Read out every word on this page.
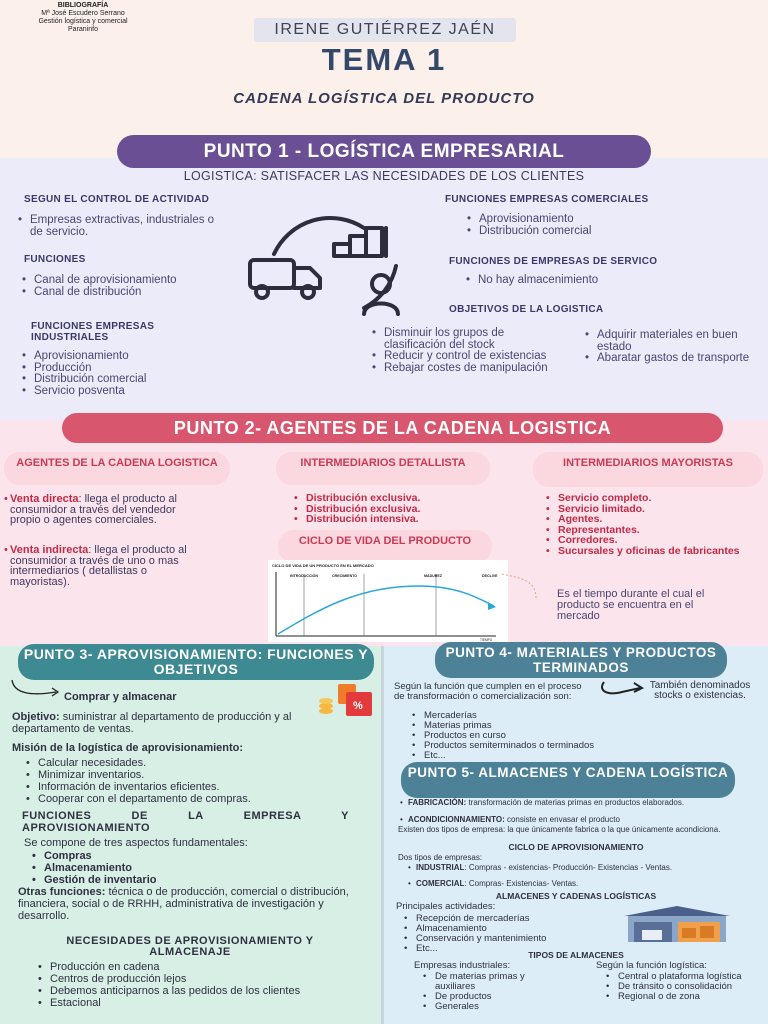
BIBLIOGRAFÍA
Mª José Escudero Serrano
Gestión logística y comercial
Paraninfo	IRENE GUTIÉRREZ JAÉN
TEMA 1
CADENA LOGÍSTICA DEL PRODUCTO
PUNTO 1 - LOGÍSTICA EMPRESARIAL
LOGISTICA: SATISFACER LAS NECESIDADES DE LOS CLIENTES
SEGUN EL CONTROL DE ACTIVIDAD
• Empresas extractivas, industriales o de servicio.
FUNCIONES
• Canal de aprovisionamiento
• Canal de distribución
FUNCIONES EMPRESAS INDUSTRIALES
• Aprovisionamiento
• Producción
• Distribución comercial
• Servicio posventa
FUNCIONES EMPRESAS COMERCIALES
• Aprovisionamiento
• Distribución comercial
FUNCIONES DE EMPRESAS DE SERVICO
• No hay almacenimiento
OBJETIVOS DE LA LOGISTICA
• Disminuir los grupos de clasificación del stock
• Reducir y control de existencias
• Rebajar costes de manipulación
• Adquirir materiales en buen estado
• Abaratar gastos de transporte
PUNTO 2- AGENTES DE LA CADENA LOGISTICA
AGENTES DE LA CADENA LOGISTICA
• Venta directa: llega el producto al consumidor a través del vendedor propio o agentes comerciales.
• Venta indirecta: llega el producto al consumidor a través de uno o mas intermediarios ( detallistas o mayoristas).
INTERMEDIARIOS DETALLISTA
• Distribución exclusiva.
• Distribución exclusiva.
• Distribución intensiva.
INTERMEDIARIOS MAYORISTAS
• Servicio completo.
• Servicio limitado.
• Agentes.
• Representantes.
• Corredores.
• Sucursales y oficinas de fabricantes
CICLO DE VIDA DEL PRODUCTO
CICLO DE VIDA DE UN PRODUCTO EN EL MERCADO
INTRODUCCIÓN	CRECIMIENTO	MADUREZ	DECLIVE
TIEMPO
Es el tiempo durante el cual el producto se encuentra en el mercado
PUNTO 3- APROVISIONAMIENTO: FUNCIONES Y OBJETIVOS
Comprar y almacenar
%
Objetivo: suministrar al departamento de producción y al departamento de ventas.
Misión de la logística de aprovisionamiento:
• Calcular necesidades.
• Minimizar inventarios.
• Información de inventarios eficientes.
• Cooperar con el departamento de compras.
FUNCIONES DE LA EMPRESA Y APROVISIONAMIENTO
Se compone de tres aspectos fundamentales:
• Compras
• Almacenamiento
• Gestión de inventario
Otras funciones: técnica o de producción, comercial o distribución, financiera, social o de RRHH, administrativa de investigación y desarrollo.
NECESIDADES DE APROVISIONAMIENTO Y ALMACENAJE
• Producción en cadena
• Centros de producción lejos
• Debemos anticiparnos a las pedidos de los clientes
• Estacional
PUNTO 4- MATERIALES Y PRODUCTOS TERMINADOS
Según la función que cumplen en el proceso de transformación o comercialización son:
• Mercaderías
• Materias primas
• Productos en curso
• Productos semiterminados o terminados
• Etc...
También denominados stocks o existencias.
PUNTO 5- ALMACENES Y CADENA LOGÍSTICA
• FABRICACIÓN: transformación de materias primas en productos elaborados.
• ACONDICIONNAMIENTO: consiste en envasar el producto
Existen dos tipos de empresa: la que únicamente fabrica o la que únicamente acondiciona.
CICLO DE APROVISIONAMIENTO
Dos tipos de empresas:
• INDUSTRIAL: Compras - existencias- Producción- Existencias - Ventas.
• COMERCIAL: Compras- Existencias- Ventas.
ALMACENES Y CADENAS LOGÍSTICAS
Principales actividades:
• Recepción de mercaderías
• Almacenamiento
• Conservación y mantenimiento
• Etc...
TIPOS DE ALMACENES
Empresas industriales:
• De materias primas y auxiliares
• De productos
• Generales
Según la función logística:
• Central o plataforma logística
• De tránsito o consolidación
• Regional o de zona
